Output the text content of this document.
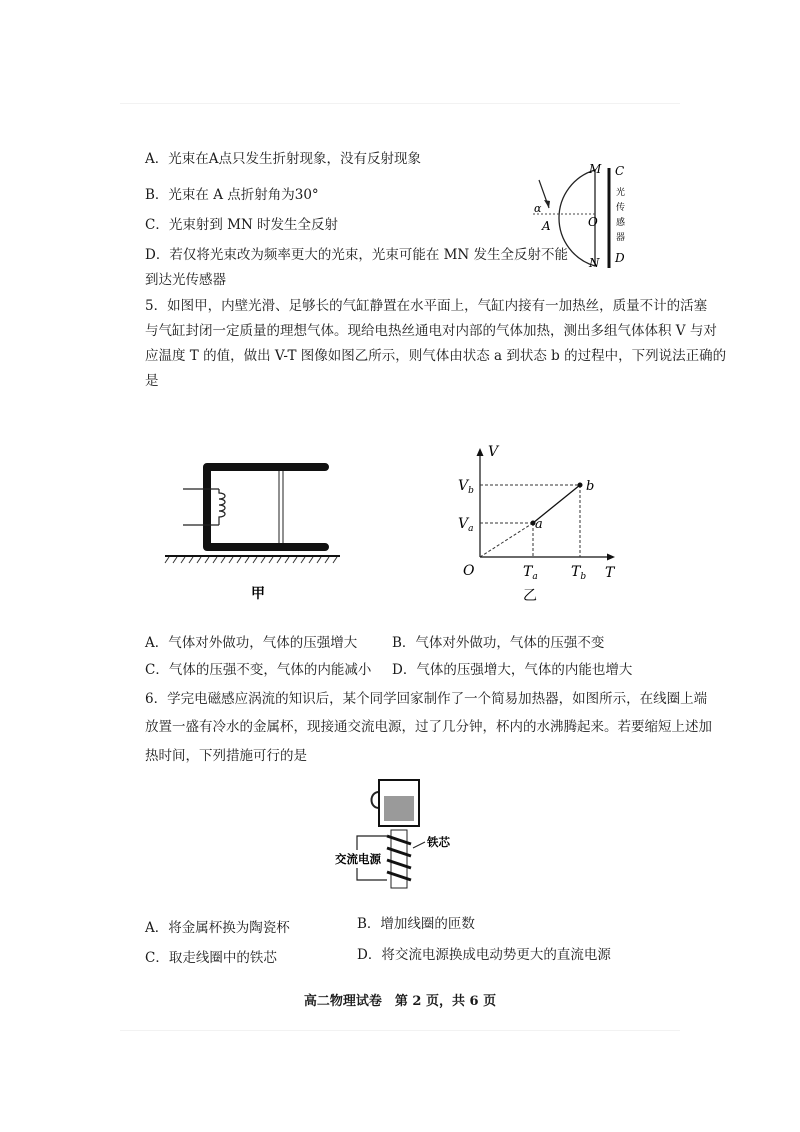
A．光束在A点只发生折射现象，没有反射现象
B．光束在 A 点折射角为30°
C．光束射到 MN 时发生全反射
D．若仅将光束改为频率更大的光束，光束可能在 MN 发生全反射不能
到达光传感器
M
N
O
A
α
C
D
光
传
感
器
5．如图甲，内壁光滑、足够长的气缸静置在水平面上，气缸内接有一加热丝，质量不计的活塞
与气缸封闭一定质量的理想气体。现给电热丝通电对内部的气体加热，测出多组气体体积 V 与对
应温度 T 的值，做出 V-T 图像如图乙所示，则气体由状态 a 到状态 b 的过程中，下列说法正确的
是
甲
V
T
O
$V_b$
$V_a$
$T_a$ $T_b$
a
b
乙
A．气体对外做功，气体的压强增大	B．气体对外做功，气体的压强不变
C．气体的压强不变，气体的内能减小 D．气体的压强增大，气体的内能也增大
6．学完电磁感应涡流的知识后，某个同学回家制作了一个简易加热器，如图所示，在线圈上端
放置一盛有冷水的金属杯，现接通交流电源，过了几分钟，杯内的水沸腾起来。若要缩短上述加
热时间，下列措施可行的是
交流电源
铁芯
A．将金属杯换为陶瓷杯	B．增加线圈的匝数
C．取走线圈中的铁芯	D．将交流电源换成电动势更大的直流电源
高二物理试卷　第 2 页，共 6 页
